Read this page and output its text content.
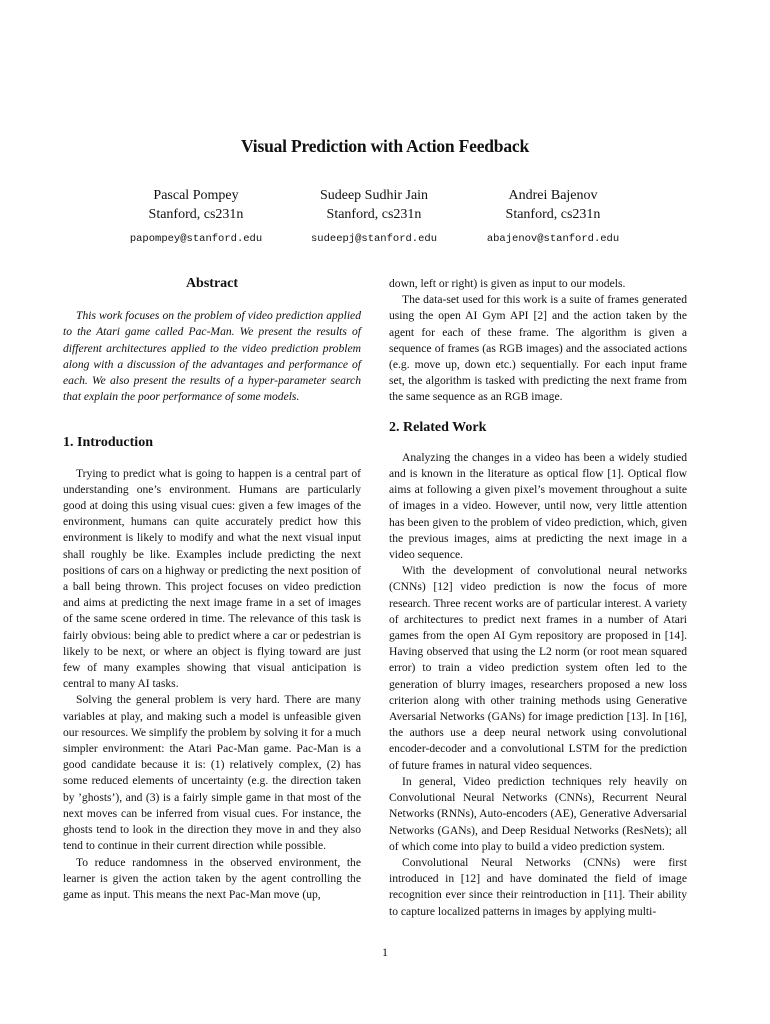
Visual Prediction with Action Feedback
Pascal Pompey
Stanford, cs231n
papompey@stanford.edu
Sudeep Sudhir Jain
Stanford, cs231n
sudeepj@stanford.edu
Andrei Bajenov
Stanford, cs231n
abajenov@stanford.edu
Abstract

This work focuses on the problem of video prediction applied to the Atari game called Pac-Man. We present the results of different architectures applied to the video prediction problem along with a discussion of the advantages and performance of each. We also present the results of a hyper-parameter search that explain the poor performance of some models.

1. Introduction

Trying to predict what is going to happen is a central part of understanding one’s environment. Humans are particularly good at doing this using visual cues: given a few images of the environment, humans can quite accurately predict how this environment is likely to modify and what the next visual input shall roughly be like. Examples include predicting the next positions of cars on a highway or predicting the next position of a ball being thrown. This project focuses on video prediction and aims at predicting the next image frame in a set of images of the same scene ordered in time. The relevance of this task is fairly obvious: being able to predict where a car or pedestrian is likely to be next, or where an object is flying toward are just few of many examples showing that visual anticipation is central to many AI tasks.

Solving the general problem is very hard. There are many variables at play, and making such a model is unfeasible given our resources. We simplify the problem by solving it for a much simpler environment: the Atari Pac-Man game. Pac-Man is a good candidate because it is: (1) relatively complex, (2) has some reduced elements of uncertainty (e.g. the direction taken by ’ghosts’), and (3) is a fairly simple game in that most of the next moves can be inferred from visual cues. For instance, the ghosts tend to look in the direction they move in and they also tend to continue in their current direction while possible.

To reduce randomness in the observed environment, the learner is given the action taken by the agent controlling the game as input. This means the next Pac-Man move (up,

down, left or right) is given as input to our models.

The data-set used for this work is a suite of frames generated using the open AI Gym API [2] and the action taken by the agent for each of these frame. The algorithm is given a sequence of frames (as RGB images) and the associated actions (e.g. move up, down etc.) sequentially. For each input frame set, the algorithm is tasked with predicting the next frame from the same sequence as an RGB image.

2. Related Work

Analyzing the changes in a video has been a widely studied and is known in the literature as optical flow [1]. Optical flow aims at following a given pixel’s movement throughout a suite of images in a video. However, until now, very little attention has been given to the problem of video prediction, which, given the previous images, aims at predicting the next image in a video sequence.

With the development of convolutional neural networks (CNNs) [12] video prediction is now the focus of more research. Three recent works are of particular interest. A variety of architectures to predict next frames in a number of Atari games from the open AI Gym repository are proposed in [14]. Having observed that using the L2 norm (or root mean squared error) to train a video prediction system often led to the generation of blurry images, researchers proposed a new loss criterion along with other training methods using Generative Aversarial Networks (GANs) for image prediction [13]. In [16], the authors use a deep neural network using convolutional encoder-decoder and a convolutional LSTM for the prediction of future frames in natural video sequences.

In general, Video prediction techniques rely heavily on Convolutional Neural Networks (CNNs), Recurrent Neural Networks (RNNs), Auto-encoders (AE), Generative Adversarial Networks (GANs), and Deep Residual Networks (ResNets); all of which come into play to build a video prediction system.

Convolutional Neural Networks (CNNs) were first introduced in [12] and have dominated the field of image recognition ever since their reintroduction in [11]. Their ability to capture localized patterns in images by applying multi-

1
